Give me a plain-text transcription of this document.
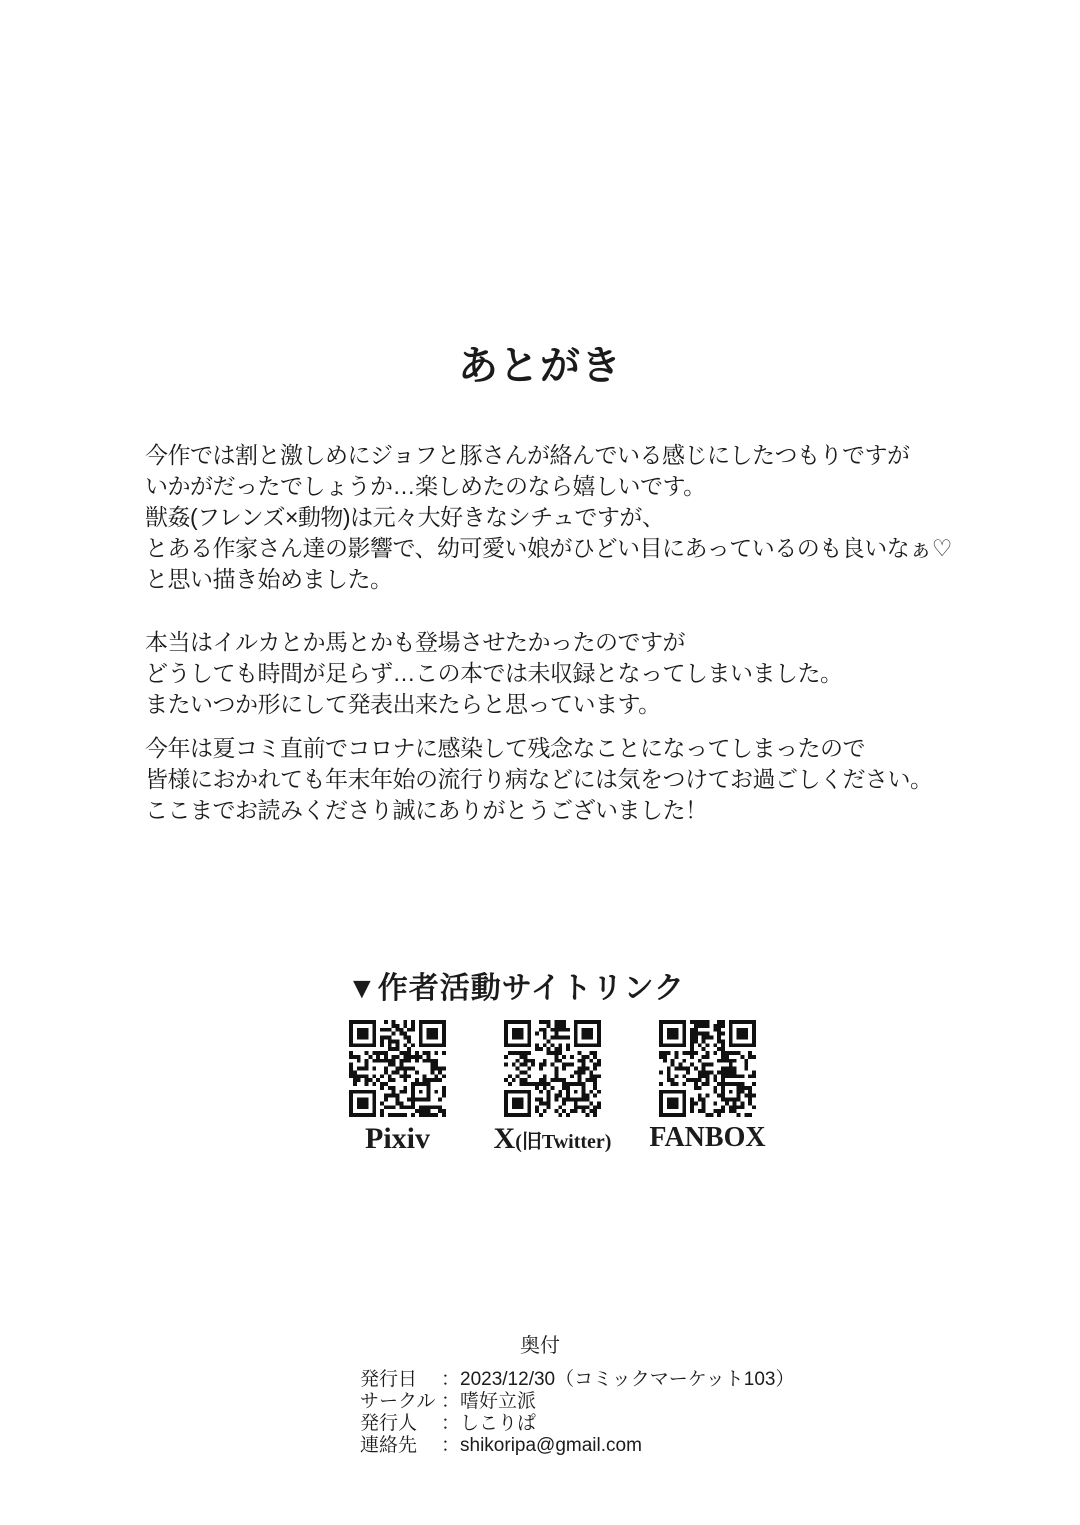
あとがき

今作では割と激しめにジョフと豚さんが絡んでいる感じにしたつもりですが
いかがだったでしょうか…楽しめたのなら嬉しいです。
獣姦(フレンズ×動物)は元々大好きなシチュですが、
とある作家さん達の影響で、幼可愛い娘がひどい目にあっているのも良いなぁ♡
と思い描き始めました。

本当はイルカとか馬とかも登場させたかったのですが
どうしても時間が足らず…この本では未収録となってしまいました。
またいつか形にして発表出来たらと思っています。

今年は夏コミ直前でコロナに感染して残念なことになってしまったので
皆様におかれても年末年始の流行り病などには気をつけてお過ごしください。
ここまでお読みくださり誠にありがとうございました！

▼作者活動サイトリンク
Pixiv X(旧Twitter) FANBOX
奥付
発行日 ：2023/12/30（コミックマーケット103）
サークル ：嗜好立派
発行人 ：しこりぱ
連絡先 ：shikoripa@gmail.com
